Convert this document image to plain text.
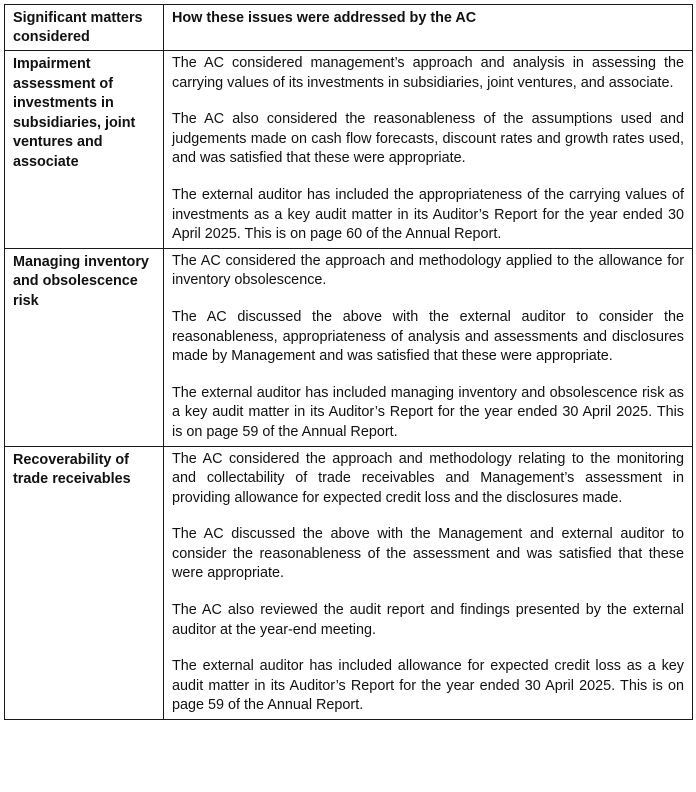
Significant matters considered	How these issues were addressed by the AC
Impairment assessment of investments in subsidiaries, joint ventures and associate	The AC considered management’s approach and analysis in assessing the carrying values of its investments in subsidiaries, joint ventures, and associate.

The AC also considered the reasonableness of the assumptions used and judgements made on cash flow forecasts, discount rates and growth rates used, and was satisfied that these were appropriate.

The external auditor has included the appropriateness of the carrying values of investments as a key audit matter in its Auditor’s Report for the year ended 30 April 2025. This is on page 60 of the Annual Report.

Managing inventory and obsolescence risk	The AC considered the approach and methodology applied to the allowance for inventory obsolescence.

The AC discussed the above with the external auditor to consider the reasonableness, appropriateness of analysis and assessments and disclosures made by Management and was satisfied that these were appropriate.

The external auditor has included managing inventory and obsolescence risk as a key audit matter in its Auditor’s Report for the year ended 30 April 2025. This is on page 59 of the Annual Report.

Recoverability of trade receivables	The AC considered the approach and methodology relating to the monitoring and collectability of trade receivables and Management’s assessment in providing allowance for expected credit loss and the disclosures made.

The AC discussed the above with the Management and external auditor to consider the reasonableness of the assessment and was satisfied that these were appropriate.

The AC also reviewed the audit report and findings presented by the external auditor at the year-end meeting.

The external auditor has included allowance for expected credit loss as a key audit matter in its Auditor’s Report for the year ended 30 April 2025. This is on page 59 of the Annual Report.
